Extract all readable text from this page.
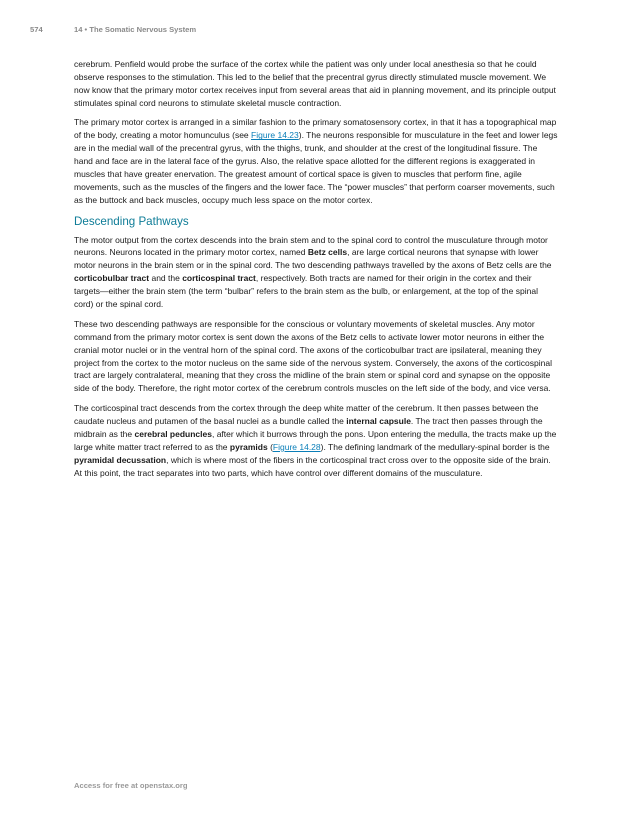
574	14 • The Somatic Nervous System

cerebrum. Penfield would probe the surface of the cortex while the patient was only under local anesthesia so that he could observe responses to the stimulation. This led to the belief that the precentral gyrus directly stimulated muscle movement. We now know that the primary motor cortex receives input from several areas that aid in planning movement, and its principle output stimulates spinal cord neurons to stimulate skeletal muscle contraction.

The primary motor cortex is arranged in a similar fashion to the primary somatosensory cortex, in that it has a topographical map of the body, creating a motor homunculus (see Figure 14.23). The neurons responsible for musculature in the feet and lower legs are in the medial wall of the precentral gyrus, with the thighs, trunk, and shoulder at the crest of the longitudinal fissure. The hand and face are in the lateral face of the gyrus. Also, the relative space allotted for the different regions is exaggerated in muscles that have greater enervation. The greatest amount of cortical space is given to muscles that perform fine, agile movements, such as the muscles of the fingers and the lower face. The “power muscles” that perform coarser movements, such as the buttock and back muscles, occupy much less space on the motor cortex.

Descending Pathways

The motor output from the cortex descends into the brain stem and to the spinal cord to control the musculature through motor neurons. Neurons located in the primary motor cortex, named Betz cells, are large cortical neurons that synapse with lower motor neurons in the brain stem or in the spinal cord. The two descending pathways travelled by the axons of Betz cells are the corticobulbar tract and the corticospinal tract, respectively. Both tracts are named for their origin in the cortex and their targets—either the brain stem (the term “bulbar” refers to the brain stem as the bulb, or enlargement, at the top of the spinal cord) or the spinal cord.

These two descending pathways are responsible for the conscious or voluntary movements of skeletal muscles. Any motor command from the primary motor cortex is sent down the axons of the Betz cells to activate lower motor neurons in either the cranial motor nuclei or in the ventral horn of the spinal cord. The axons of the corticobulbar tract are ipsilateral, meaning they project from the cortex to the motor nucleus on the same side of the nervous system. Conversely, the axons of the corticospinal tract are largely contralateral, meaning that they cross the midline of the brain stem or spinal cord and synapse on the opposite side of the body. Therefore, the right motor cortex of the cerebrum controls muscles on the left side of the body, and vice versa.

The corticospinal tract descends from the cortex through the deep white matter of the cerebrum. It then passes between the caudate nucleus and putamen of the basal nuclei as a bundle called the internal capsule. The tract then passes through the midbrain as the cerebral peduncles, after which it burrows through the pons. Upon entering the medulla, the tracts make up the large white matter tract referred to as the pyramids (Figure 14.28). The defining landmark of the medullary-spinal border is the pyramidal decussation, which is where most of the fibers in the corticospinal tract cross over to the opposite side of the brain. At this point, the tract separates into two parts, which have control over different domains of the musculature.

Access for free at openstax.org
